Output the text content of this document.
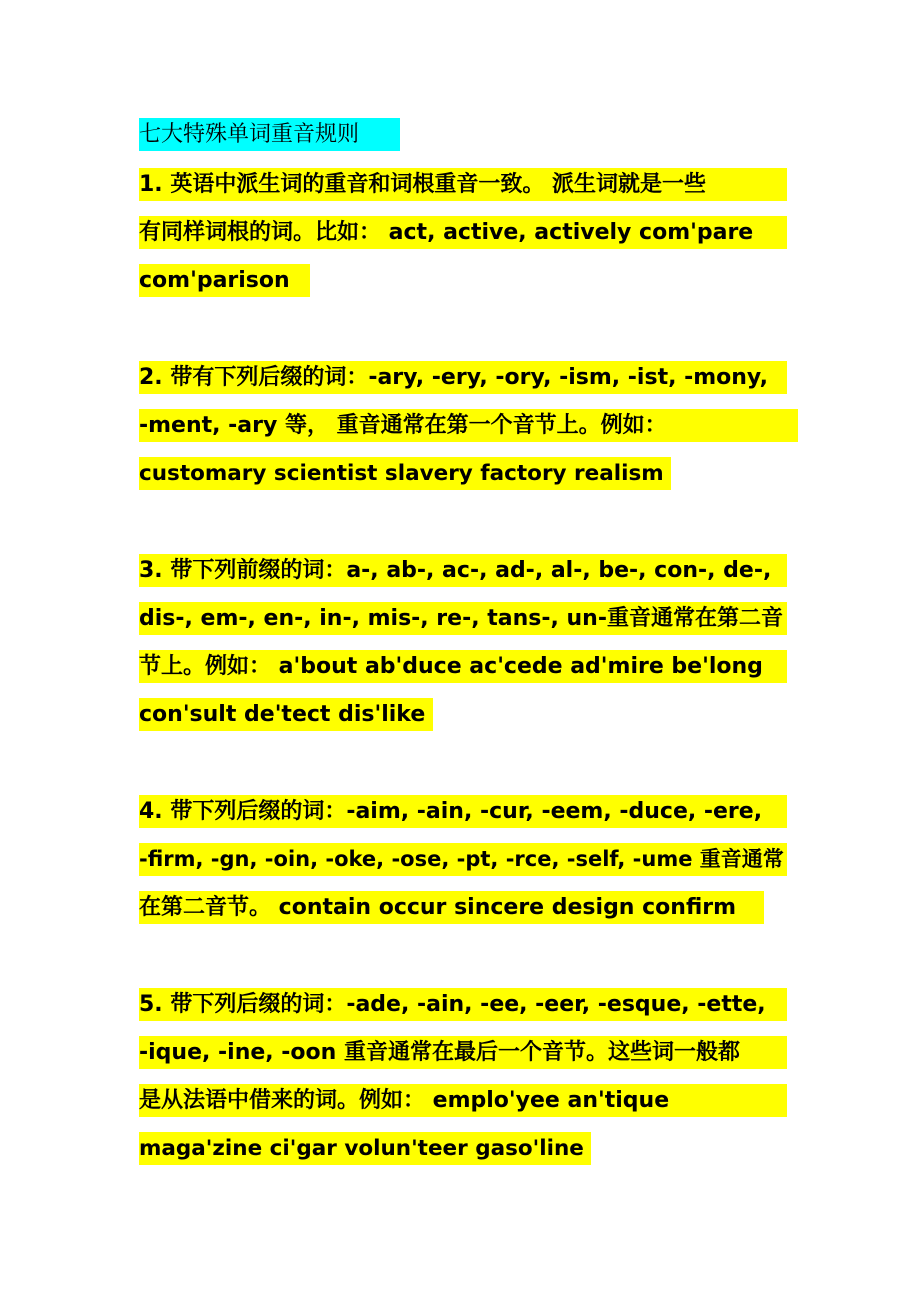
七大特殊单词重音规则
1. 英语中派生词的重音和词根重音一致。 派生词就是一些
有同样词根的词。比如： act, active, actively com'pare
com'parison
2. 带有下列后缀的词：-ary, -ery, -ory, -ism, -ist, -mony,
-ment, -ary 等， 重音通常在第一个音节上。例如：
customary scientist slavery factory realism
3. 带下列前缀的词：a-, ab-, ac-, ad-, al-, be-, con-, de-,
dis-, em-, en-, in-, mis-, re-, tans-, un-重音通常在第二音
节上。例如： a'bout ab'duce ac'cede ad'mire be'long
con'sult de'tect dis'like
4. 带下列后缀的词：-aim, -ain, -cur, -eem, -duce, -ere,
-firm, -gn, -oin, -oke, -ose, -pt, -rce, -self, -ume 重音通常
在第二音节。 contain occur sincere design confirm
5. 带下列后缀的词：-ade, -ain, -ee, -eer, -esque, -ette,
-ique, -ine, -oon 重音通常在最后一个音节。这些词一般都
是从法语中借来的词。例如： emplo'yee an'tique
maga'zine ci'gar volun'teer gaso'line
